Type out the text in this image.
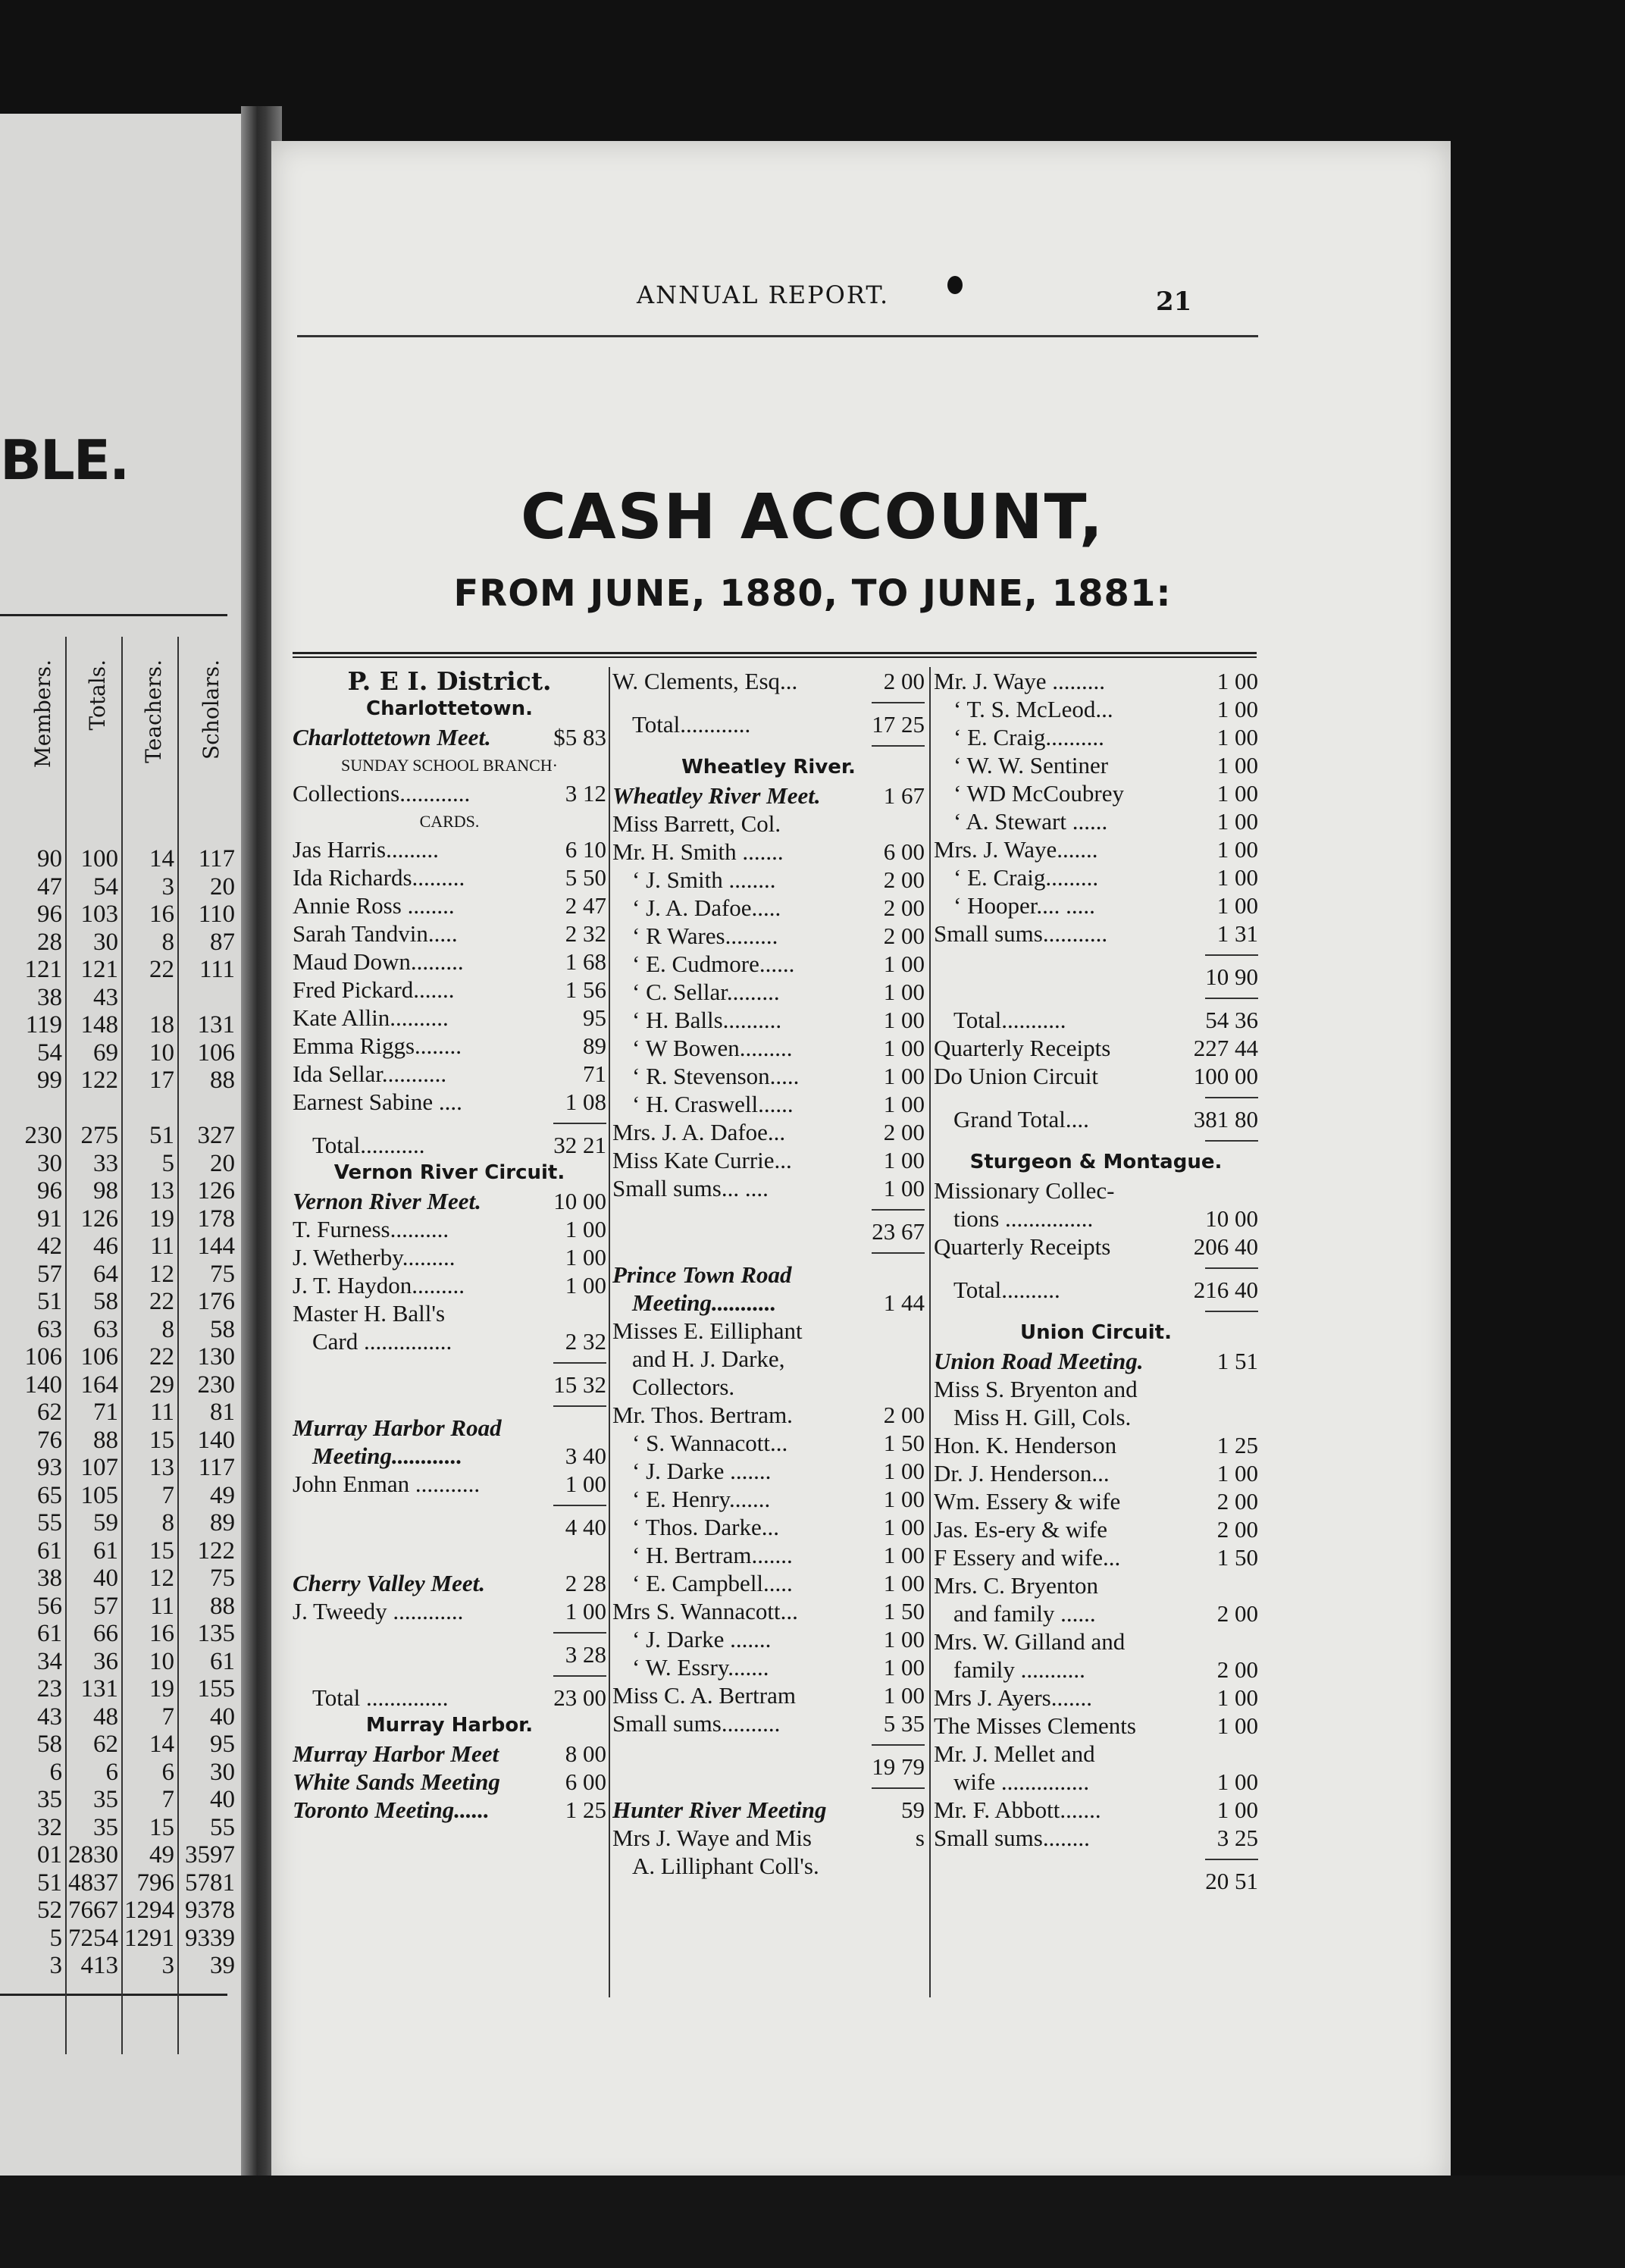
BLE.
Members. Totals. Teachers. Scholars.
90 100	14 117
47	54	3	20
96 103	16 110
28	30	8	87
121 121	22 111
38	43
119 148	18 131
54	69	10 106
99 122	17	88
230 275	51 327
30	33	5	20
96	98	13 126
91 126	19 178
42	46	11 144
57	64	12	75
51	58	22 176
63	63	8	58
106 106	22 130
140 164	29 230
62	71	11	81
76	88	15 140
93 107	13 117
65 105	7	49
55	59	8	89
61	61	15 122
38	40	12	75
56	57	11	88
61	66	16 135
34	36	10	61
23 131	19 155
43	48	7	40
58	62	14	95
6	6	6	30
35	35	7	40
32	35	15	55
01 2830	49 3597
51 4837 796 5781
52 7667 1294 9378
5 7254 1291 9339
3 413	3	39
ANNUAL REPORT.	21
CASH ACCOUNT,
FROM JUNE, 1880, TO JUNE, 1881:
P. E I. District.
Charlottetown.
Charlottetown Meet.	$5 83
SUNDAY SCHOOL BRANCH·
Collections............	3 12
CARDS.
Jas Harris.........	6 10
Ida Richards.........	5 50
Annie Ross ........	2 47
Sarah Tandvin.....	2 32
Maud Down.........	1 68
Fred Pickard.......	1 56
Kate Allin..........	95
Emma Riggs........	89
Ida Sellar...........	71
Earnest Sabine ....	1 08
Total...........	32 21
Vernon River Circuit.
Vernon River Meet.	10 00
T. Furness..........	1 00
J. Wetherby.........	1 00
J. T. Haydon.........	1 00
Master H. Ball's
Card ...............	2 32
15 32
Murray Harbor Road
Meeting............	3 40
John Enman ...........	1 00
4 40
Cherry Valley Meet.	2 28
J. Tweedy ............	1 00
3 28
Total ..............	23 00
Murray Harbor.
Murray Harbor Meet	8 00
White Sands Meeting	6 00
Toronto Meeting......	1 25
W. Clements, Esq...	2 00
Total............	17 25
Wheatley River.
Wheatley River Meet.	1 67
Miss Barrett, Col.
Mr. H. Smith .......	6 00
‘ J. Smith ........	2 00
‘ J. A. Dafoe.....	2 00
‘ R Wares.........	2 00
‘ E. Cudmore......	1 00
‘ C. Sellar.........	1 00
‘ H. Balls..........	1 00
‘ W Bowen.........	1 00
‘ R. Stevenson.....	1 00
‘ H. Craswell......	1 00
Mrs. J. A. Dafoe...	2 00
Miss Kate Currie...	1 00
Small sums... ....	1 00
23 67
Prince Town Road
Meeting...........	1 44
Misses E. Eilliphant
and H. J. Darke,
Collectors.
Mr. Thos. Bertram.	2 00
‘ S. Wannacott...	1 50
‘ J. Darke .......	1 00
‘ E. Henry.......	1 00
‘ Thos. Darke...	1 00
‘ H. Bertram.......	1 00
‘ E. Campbell.....	1 00
Mrs S. Wannacott...	1 50
‘ J. Darke .......	1 00
‘ W. Essry.......	1 00
Miss C. A. Bertram	1 00
Small sums..........	5 35
19 79
Hunter River Meeting	59
Mrs J. Waye and Mis	s
A. Lilliphant Coll's.
Mr. J. Waye .........	1 00
‘ T. S. McLeod...	1 00
‘ E. Craig..........	1 00
‘ W. W. Sentiner	1 00
‘ WD McCoubrey	1 00
‘ A. Stewart ......	1 00
Mrs. J. Waye.......	1 00
‘ E. Craig.........	1 00
‘ Hooper.... .....	1 00
Small sums...........	1 31
10 90
Total...........	54 36
Quarterly Receipts	227 44
Do Union Circuit	100 00
Grand Total....	381 80
Sturgeon & Montague.
Missionary Collec-
tions ...............	10 00
Quarterly Receipts	206 40
Total..........	216 40
Union Circuit.
Union Road Meeting.	1 51
Miss S. Bryenton and
Miss H. Gill, Cols.
Hon. K. Henderson	1 25
Dr. J. Henderson...	1 00
Wm. Essery & wife	2 00
Jas. Es-ery & wife	2 00
F Essery and wife...	1 50
Mrs. C. Bryenton
and family ......	2 00
Mrs. W. Gilland and
family ...........	2 00
Mrs J. Ayers.......	1 00
The Misses Clements	1 00
Mr. J. Mellet and
wife ...............	1 00
Mr. F. Abbott.......	1 00
Small sums........	3 25
20 51
